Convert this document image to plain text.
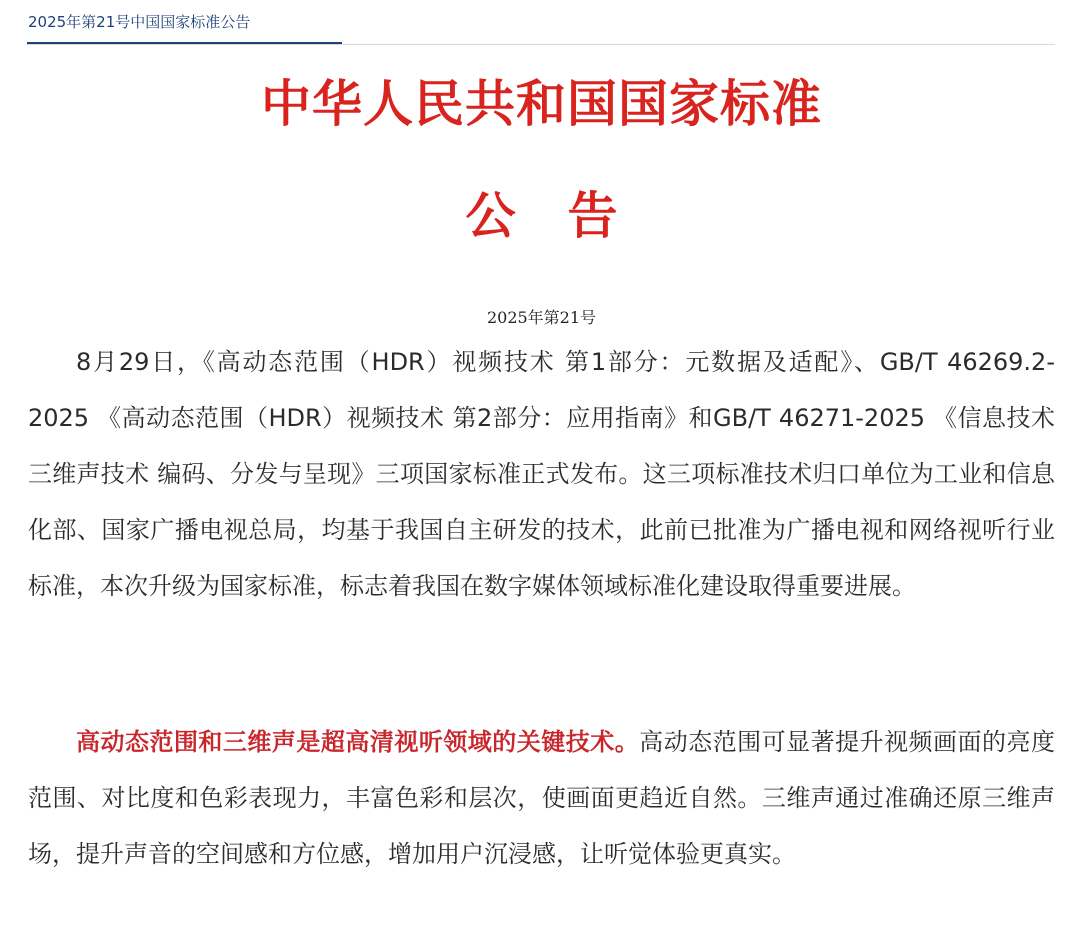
2025年第21号中国国家标准公告
中华人民共和国国家标准
公 告
2025年第21号

8月29日，《高动态范围（HDR）视频技术 第1部分：元数据及适配》、GB/T 46269.2-2025 《高动态范围（HDR）视频技术 第2部分：应用指南》和GB/T 46271-2025 《信息技术 三维声技术 编码、分发与呈现》三项国家标准正式发布。这三项标准技术归口单位为工业和信息化部、国家广播电视总局，均基于我国自主研发的技术，此前已批准为广播电视和网络视听行业标准，本次升级为国家标准，标志着我国在数字媒体领域标准化建设取得重要进展。

高动态范围和三维声是超高清视听领域的关键技术。高动态范围可显著提升视频画面的亮度范围、对比度和色彩表现力，丰富色彩和层次，使画面更趋近自然。三维声通过准确还原三维声场，提升声音的空间感和方位感，增加用户沉浸感，让听觉体验更真实。
